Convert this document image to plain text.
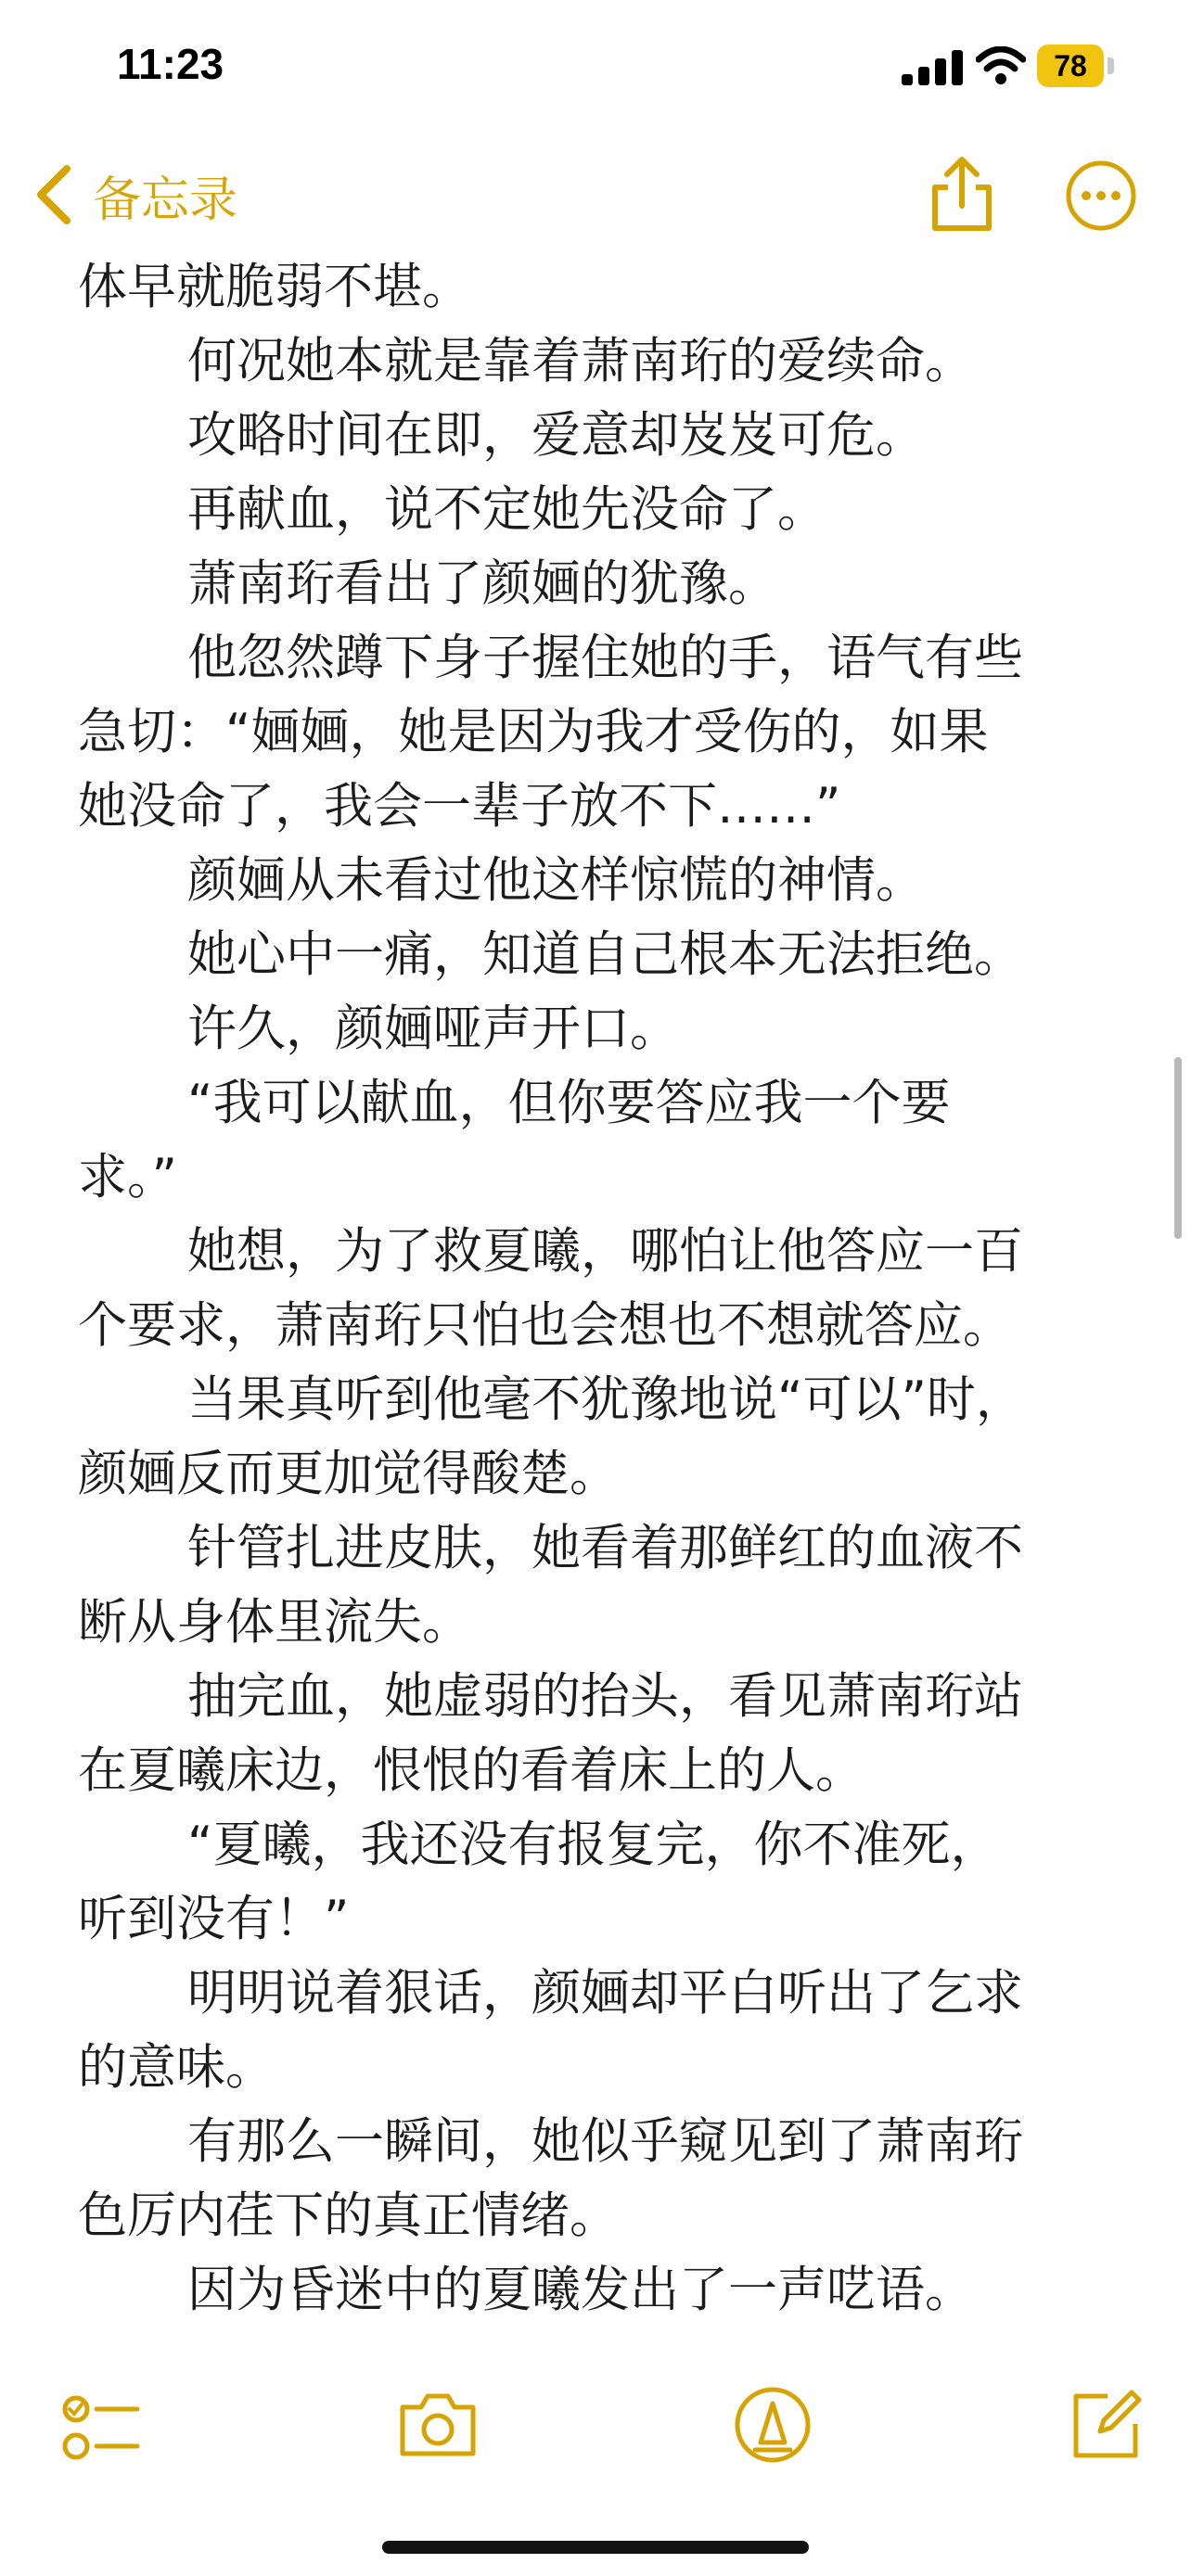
11:23	78
备忘录
体早就脆弱不堪。
何况她本就是靠着萧南珩的爱续命。
攻略时间在即，爱意却岌岌可危。
再献血，说不定她先没命了。
萧南珩看出了颜婳的犹豫。
他忽然蹲下身子握住她的手，语气有些
急切：“婳婳，她是因为我才受伤的，如果
她没命了，我会一辈子放不下……”
颜婳从未看过他这样惊慌的神情。
她心中一痛，知道自己根本无法拒绝。
许久，颜婳哑声开口。
“我可以献血，但你要答应我一个要
求。”
她想，为了救夏曦，哪怕让他答应一百
个要求，萧南珩只怕也会想也不想就答应。
当果真听到他毫不犹豫地说“可以”时，
颜婳反而更加觉得酸楚。
针管扎进皮肤，她看着那鲜红的血液不
断从身体里流失。
抽完血，她虚弱的抬头，看见萧南珩站
在夏曦床边，恨恨的看着床上的人。
“夏曦，我还没有报复完，你不准死，
听到没有！”
明明说着狠话，颜婳却平白听出了乞求
的意味。
有那么一瞬间，她似乎窥见到了萧南珩
色厉内荏下的真正情绪。
因为昏迷中的夏曦发出了一声呓语。
